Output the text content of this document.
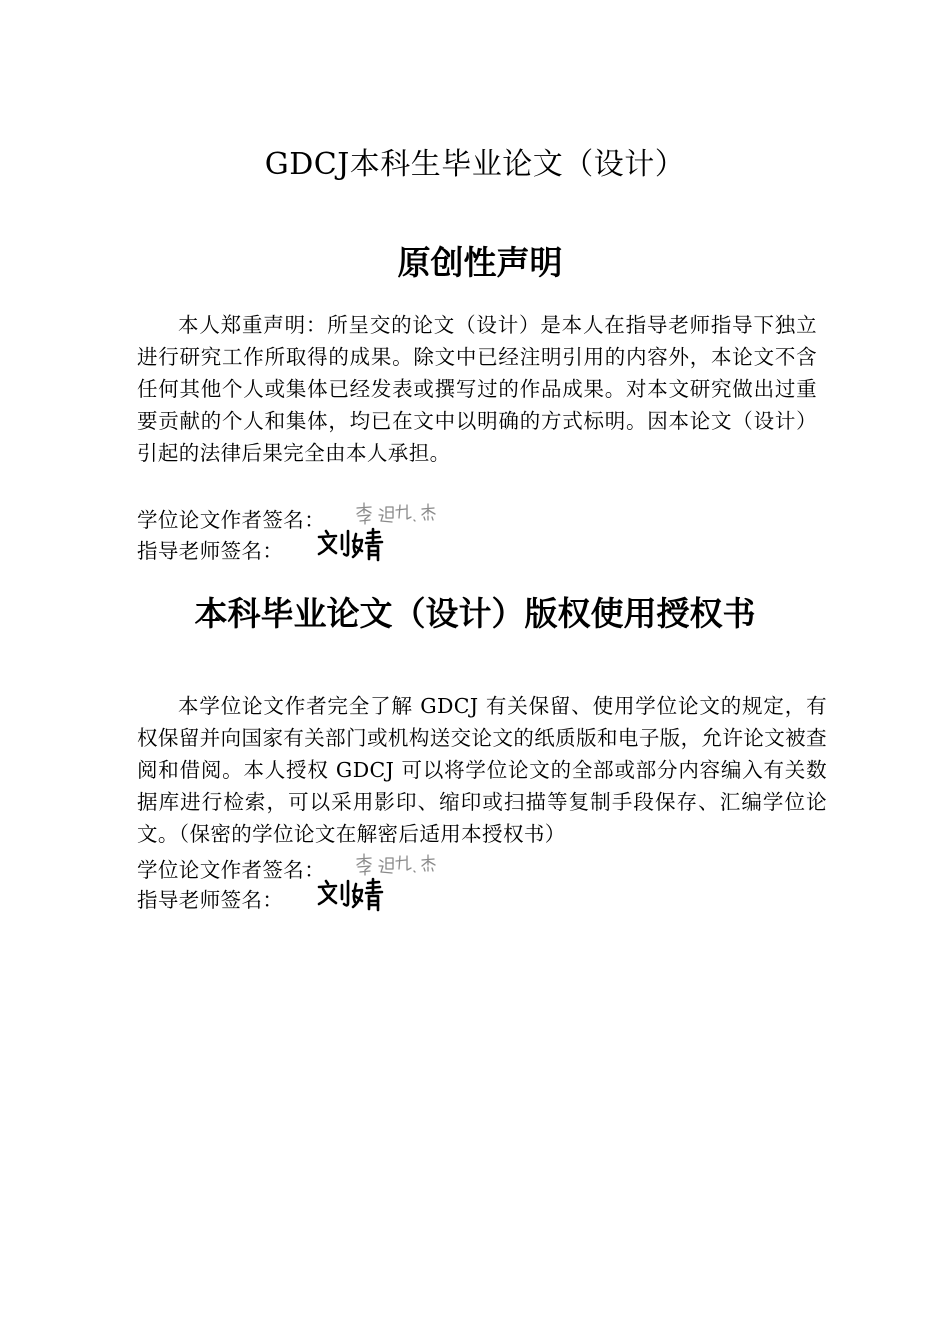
GDCJ本科生毕业论文（设计）
原创性声明
本人郑重声明：所呈交的论文（设计）是本人在指导老师指导下独立进行研究工作所取得的成果。除文中已经注明引用的内容外，本论文不含任何其他个人或集体已经发表或撰写过的作品成果。对本文研究做出过重要贡献的个人和集体，均已在文中以明确的方式标明。因本论文（设计）引起的法律后果完全由本人承担。
学位论文作者签名：
指导老师签名：
本科毕业论文（设计）版权使用授权书
本学位论文作者完全了解 GDCJ 有关保留、使用学位论文的规定，有权保留并向国家有关部门或机构送交论文的纸质版和电子版，允许论文被查阅和借阅。本人授权 GDCJ 可以将学位论文的全部或部分内容编入有关数据库进行检索，可以采用影印、缩印或扫描等复制手段保存、汇编学位论文。（保密的学位论文在解密后适用本授权书）
学位论文作者签名：
指导老师签名：
